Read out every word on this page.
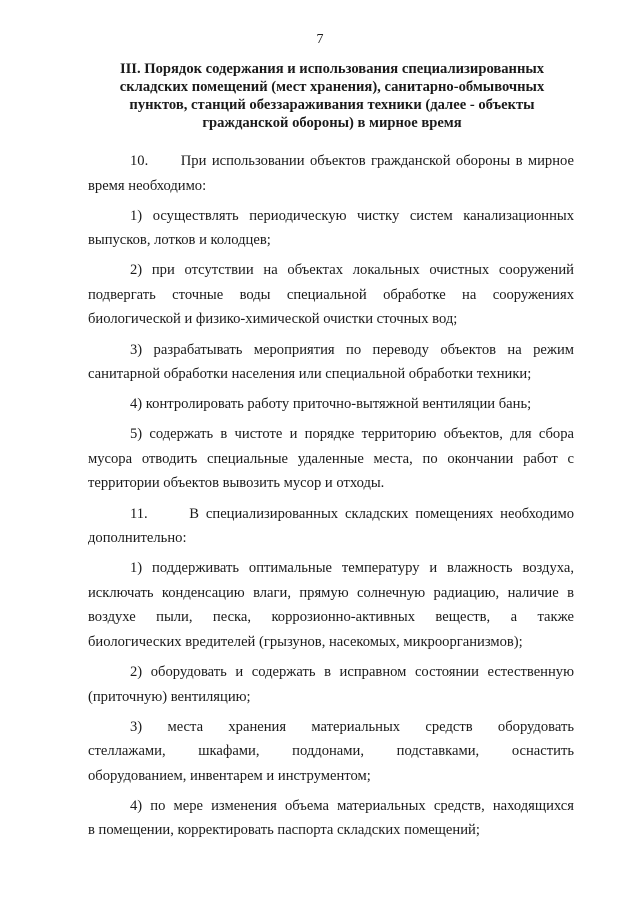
7
III. Порядок содержания и использования специализированных
складских помещений (мест хранения), санитарно-обмывочных
пунктов, станций обеззараживания техники (далее - объекты
гражданской обороны) в мирное время
10.      При использовании объектов гражданской обороны в мирное
время необходимо:
1) осуществлять периодическую чистку систем канализационных
выпусков, лотков и колодцев;
2) при отсутствии на объектах локальных очистных сооружений
подвергать сточные воды специальной обработке на сооружениях
биологической и физико-химической очистки сточных вод;
3) разрабатывать мероприятия по переводу объектов на режим
санитарной обработки населения или специальной обработки техники;
4) контролировать работу приточно-вытяжной вентиляции бань;
5) содержать в чистоте и порядке территорию объектов, для сбора
мусора отводить специальные удаленные места, по окончании работ с
территории объектов вывозить мусор и отходы.
11.      В специализированных складских помещениях необходимо
дополнительно:
1) поддерживать оптимальные температуру и влажность воздуха,
исключать конденсацию влаги, прямую солнечную радиацию, наличие в
воздухе пыли, песка, коррозионно-активных веществ, а также
биологических вредителей (грызунов, насекомых, микроорганизмов);
2) оборудовать и содержать в исправном состоянии естественную
(приточную) вентиляцию;
3) места хранения материальных средств оборудовать
стеллажами, шкафами, поддонами, подставками, оснастить
оборудованием, инвентарем и инструментом;
4) по мере изменения объема материальных средств, находящихся
в помещении, корректировать паспорта складских помещений;
